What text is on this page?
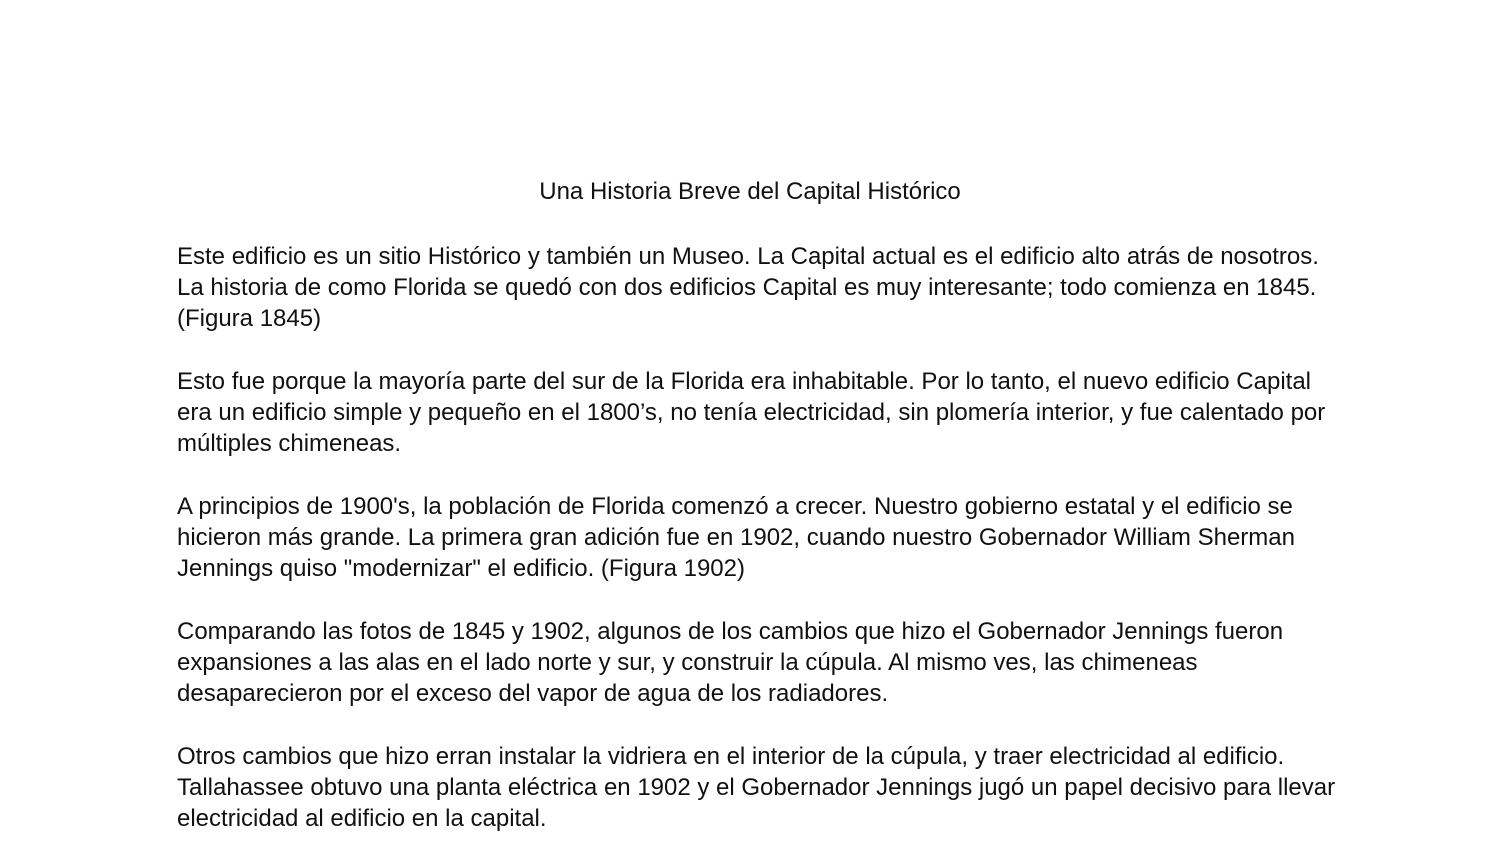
Una Historia Breve del Capital Histórico

Este edificio es un sitio Histórico y también un Museo. La Capital actual es el edificio alto atrás de nosotros. La historia de como Florida se quedó con dos edificios Capital es muy interesante; todo comienza en 1845. (Figura 1845)

Esto fue porque la mayoría parte del sur de la Florida era inhabitable. Por lo tanto, el nuevo edificio Capital era un edificio simple y pequeño en el 1800’s, no tenía electricidad, sin plomería interior, y fue calentado por múltiples chimeneas.

A principios de 1900's, la población de Florida comenzó a crecer. Nuestro gobierno estatal y el edificio se hicieron más grande. La primera gran adición fue en 1902, cuando nuestro Gobernador William Sherman Jennings quiso "modernizar" el edificio. (Figura 1902)

Comparando las fotos de 1845 y 1902, algunos de los cambios que hizo el Gobernador Jennings fueron expansiones a las alas en el lado norte y sur, y construir la cúpula. Al mismo ves, las chimeneas desaparecieron por el exceso del vapor de agua de los radiadores.

Otros cambios que hizo erran instalar la vidriera en el interior de la cúpula, y traer electricidad al edificio. Tallahassee obtuvo una planta eléctrica en 1902 y el Gobernador Jennings jugó un papel decisivo para llevar electricidad al edificio en la capital.
